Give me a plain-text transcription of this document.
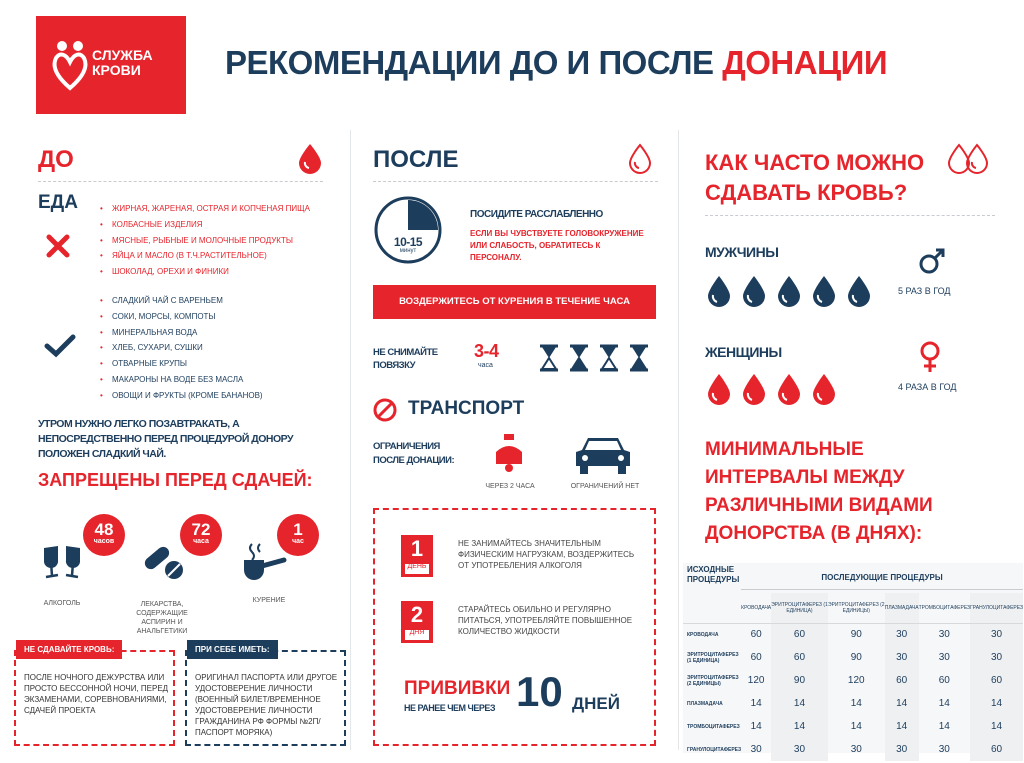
СЛУЖБА
КРОВИ	РЕКОМЕНДАЦИИ ДО И ПОСЛЕ ДОНАЦИИ
ДО
ЕДА	• ЖИРНАЯ, ЖАРЕНАЯ, ОСТРАЯ И КОПЧЕНАЯ ПИЩА
• КОЛБАСНЫЕ ИЗДЕЛИЯ
• МЯСНЫЕ, РЫБНЫЕ И МОЛОЧНЫЕ ПРОДУКТЫ
• ЯЙЦА И МАСЛО (В Т.Ч.РАСТИТЕЛЬНОЕ)
• ШОКОЛАД, ОРЕХИ И ФИНИКИ
• СЛАДКИЙ ЧАЙ С ВАРЕНЬЕМ
• СОКИ, МОРСЫ, КОМПОТЫ
• МИНЕРАЛЬНАЯ ВОДА
• ХЛЕБ, СУХАРИ, СУШКИ
• ОТВАРНЫЕ КРУПЫ
• МАКАРОНЫ НА ВОДЕ БЕЗ МАСЛА
• ОВОЩИ И ФРУКТЫ (КРОМЕ БАНАНОВ)
УТРОМ НУЖНО ЛЕГКО ПОЗАВТРАКАТЬ, А НЕПОСРЕДСТВЕННО ПЕРЕД ПРОЦЕДУРОЙ ДОНОРУ ПОЛОЖЕН СЛАДКИЙ ЧАЙ.
ЗАПРЕЩЕНЫ ПЕРЕД СДАЧЕЙ:
48
часов
АЛКОГОЛЬ
72
часа
ЛЕКАРСТВА, СОДЕРЖАЩИЕ АСПИРИН И АНАЛЬГЕТИКИ
1
час
КУРЕНИЕ
НЕ СДАВАЙТЕ КРОВЬ:
ПОСЛЕ НОЧНОГО ДЕЖУРСТВА ИЛИ ПРОСТО БЕССОННОЙ НОЧИ, ПЕРЕД ЭКЗАМЕНАМИ, СОРЕВНОВАНИЯМИ, СДАЧЕЙ ПРОЕКТА
ПРИ СЕБЕ ИМЕТЬ:
ОРИГИНАЛ ПАСПОРТА ИЛИ ДРУГОЕ УДОСТОВЕРЕНИЕ ЛИЧНОСТИ (ВОЕННЫЙ БИЛЕТ/ВРЕМЕННОЕ УДОСТОВЕРЕНИЕ ЛИЧНОСТИ ГРАЖДАНИНА РФ ФОРМЫ №2П/ПАСПОРТ МОРЯКА)
ПОСЛЕ
10-15
минут
ПОСИДИТЕ РАССЛАБЛЕННО
ЕСЛИ ВЫ ЧУВСТВУЕТЕ ГОЛОВОКРУЖЕНИЕ ИЛИ СЛАБОСТЬ, ОБРАТИТЕСЬ К ПЕРСОНАЛУ.
ВОЗДЕРЖИТЕСЬ ОТ КУРЕНИЯ В ТЕЧЕНИЕ ЧАСА
НЕ СНИМАЙТЕ ПОВЯЗКУ
3-4
часа
ТРАНСПОРТ
ОГРАНИЧЕНИЯ ПОСЛЕ ДОНАЦИИ:
ЧЕРЕЗ 2 ЧАСА	ОГРАНИЧЕНИЙ НЕТ
1
ДЕНЬ
НЕ ЗАНИМАЙТЕСЬ ЗНАЧИТЕЛЬНЫМ ФИЗИЧЕСКИМ НАГРУЗКАМ, ВОЗДЕРЖИТЕСЬ ОТ УПОТРЕБЛЕНИЯ АЛКОГОЛЯ
2
ДНЯ
СТАРАЙТЕСЬ ОБИЛЬНО И РЕГУЛЯРНО ПИТАТЬСЯ, УПОТРЕБЛЯЙТЕ ПОВЫШЕННОЕ КОЛИЧЕСТВО ЖИДКОСТИ
ПРИВИВКИ
НЕ РАНЕЕ ЧЕМ ЧЕРЕЗ 10 ДНЕЙ
КАК ЧАСТО МОЖНО
СДАВАТЬ КРОВЬ?
МУЖЧИНЫ
5 РАЗ В ГОД
ЖЕНЩИНЫ
4 РАЗА В ГОД
МИНИМАЛЬНЫЕ ИНТЕРВАЛЫ МЕЖДУ РАЗЛИЧНЫМИ ВИДАМИ ДОНОРСТВА (В ДНЯХ):
ИСХОДНЫЕ ПРОЦЕДУРЫ	ПОСЛЕДУЮЩИЕ ПРОЦЕДУРЫ
	КРОВОДАЧА	ЭРИТРОЦИТАФЕРЕЗ (1 ЕДИНИЦА)	ЭРИТРОЦИТАФЕРЕЗ (2 ЕДИНИЦЫ)	ПЛАЗМАДАЧА	ТРОМБОЦИТАФЕРЕЗ	ГРАНУЛОЦИТАФЕРЕЗ
КРОВОДАЧА	60	60	90	30	30	30
ЭРИТРОЦИТАФЕРЕЗ (1 ЕДИНИЦА)	60	60	90	30	30	30
ЭРИТРОЦИТАФЕРЕЗ (2 ЕДИНИЦЫ)	120	90	120	60	60	60
ПЛАЗМАДАЧА	14	14	14	14	14	14
ТРОМБОЦИТАФЕРЕЗ	14	14	14	14	14	14
ГРАНУЛОЦИТАФЕРЕЗ	30	30	30	30	30	60
